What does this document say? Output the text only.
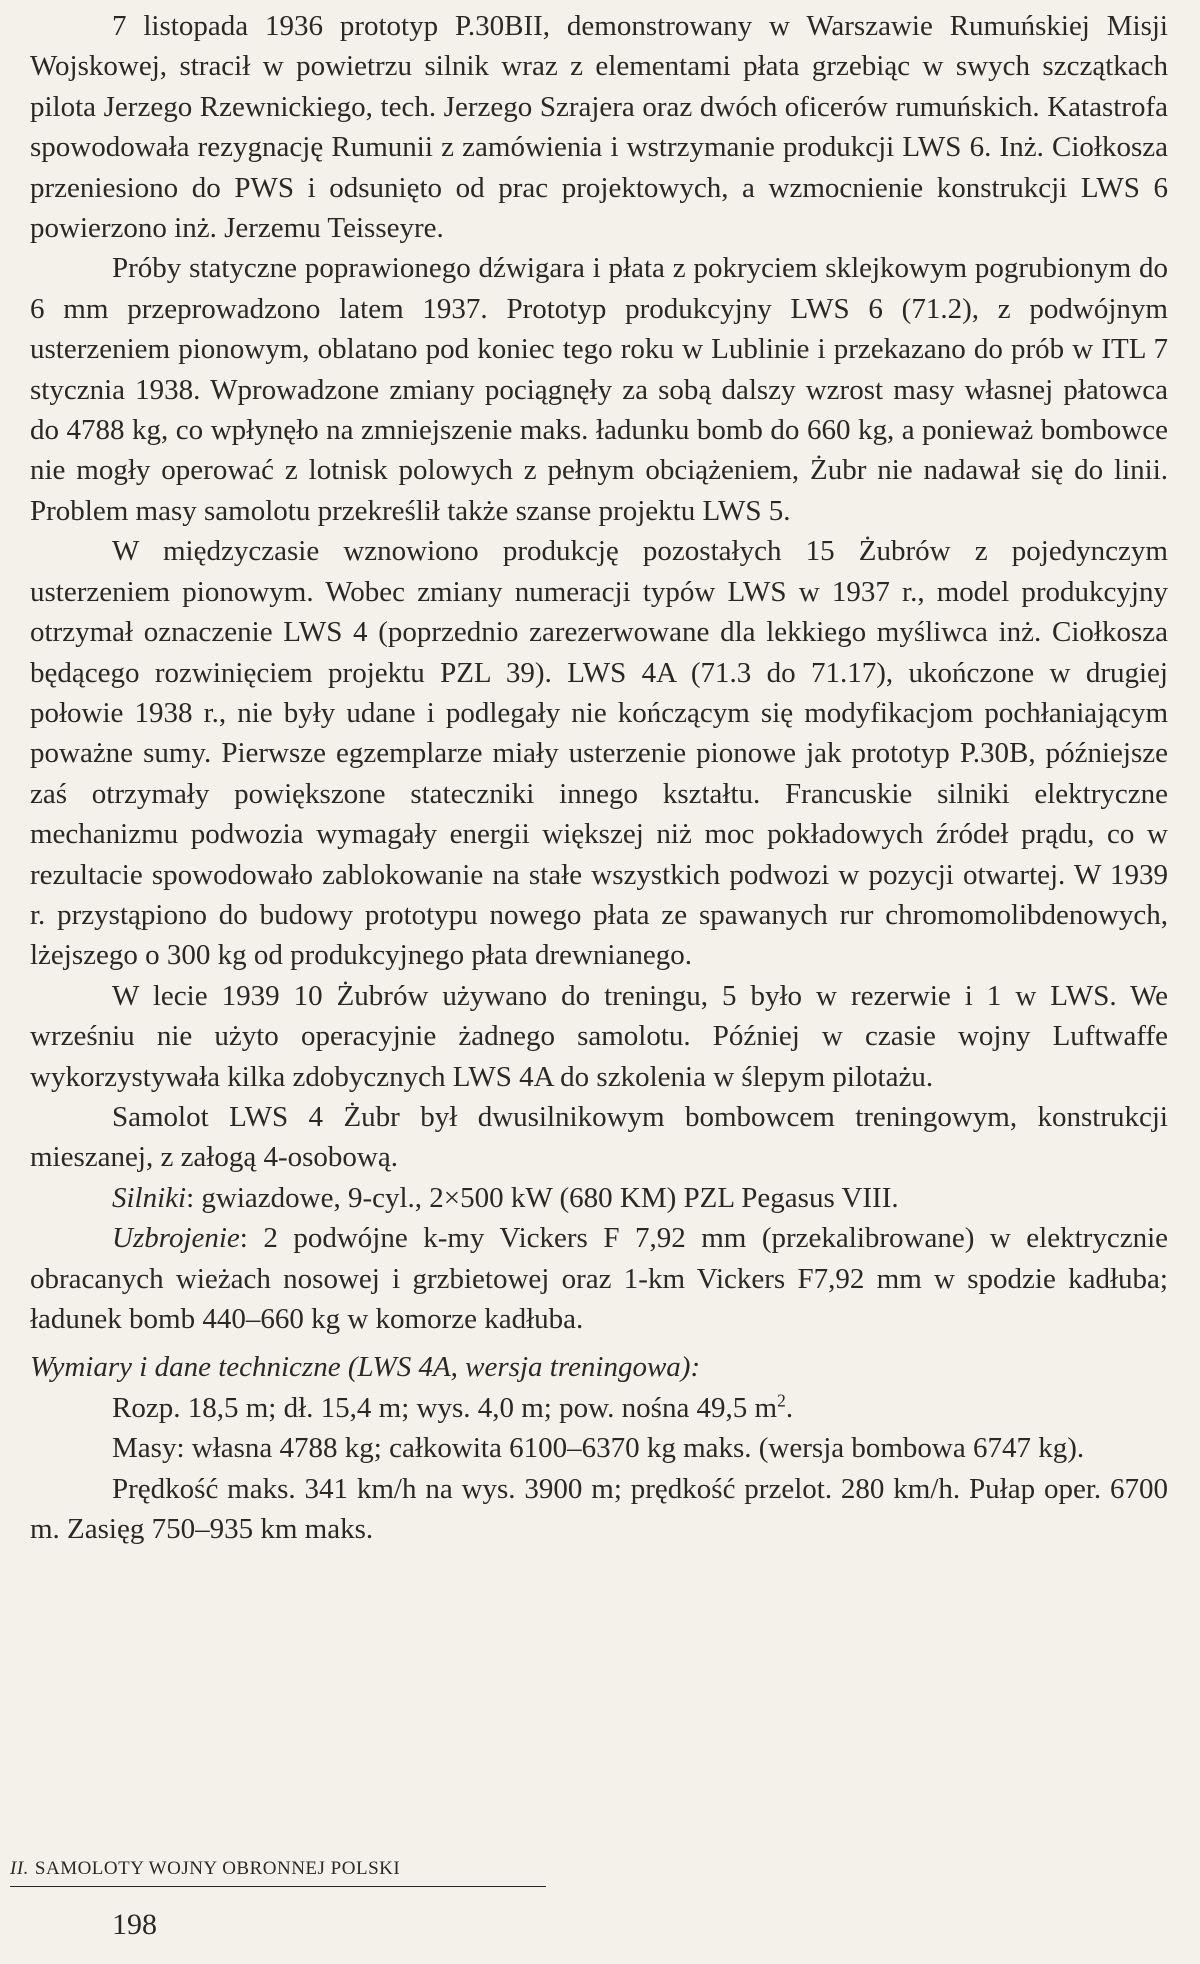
7 listopada 1936 prototyp P.30BII, demonstrowany w Warszawie Rumuńskiej Misji Wojskowej, stracił w powietrzu silnik wraz z elementami płata grzebiąc w swych szczątkach pilota Jerzego Rzewnickiego, tech. Jerzego Szrajera oraz dwóch oficerów rumuńskich. Katastrofa spowodowała rezygnację Rumunii z zamówienia i wstrzymanie produkcji LWS 6. Inż. Ciołkosza przeniesiono do PWS i odsunięto od prac projektowych, a wzmocnienie konstrukcji LWS 6 powierzono inż. Jerzemu Teisseyre.

Próby statyczne poprawionego dźwigara i płata z pokryciem sklejkowym pogrubionym do 6 mm przeprowadzono latem 1937. Prototyp produkcyjny LWS 6 (71.2), z podwójnym usterzeniem pionowym, oblatano pod koniec tego roku w Lublinie i przekazano do prób w ITL 7 stycznia 1938. Wprowadzone zmiany pociągnęły za sobą dalszy wzrost masy własnej płatowca do 4788 kg, co wpłynęło na zmniejszenie maks. ładunku bomb do 660 kg, a ponieważ bombowce nie mogły operować z lotnisk polowych z pełnym obciążeniem, Żubr nie nadawał się do linii. Problem masy samolotu przekreślił także szanse projektu LWS 5.

W międzyczasie wznowiono produkcję pozostałych 15 Żubrów z pojedynczym usterzeniem pionowym. Wobec zmiany numeracji typów LWS w 1937 r., model produkcyjny otrzymał oznaczenie LWS 4 (poprzednio zarezerwowane dla lekkiego myśliwca inż. Ciołkosza będącego rozwinięciem projektu PZL 39). LWS 4A (71.3 do 71.17), ukończone w drugiej połowie 1938 r., nie były udane i podlegały nie kończącym się modyfikacjom pochłaniającym poważne sumy. Pierwsze egzemplarze miały usterzenie pionowe jak prototyp P.30B, późniejsze zaś otrzymały powiększone stateczniki innego kształtu. Francuskie silniki elektryczne mechanizmu podwozia wymagały energii większej niż moc pokładowych źródeł prądu, co w rezultacie spowodowało zablokowanie na stałe wszystkich podwozi w pozycji otwartej. W 1939 r. przystąpiono do budowy prototypu nowego płata ze spawanych rur chromomolibdenowych, lżejszego o 300 kg od produkcyjnego płata drewnianego.

W lecie 1939 10 Żubrów używano do treningu, 5 było w rezerwie i 1 w LWS. We wrześniu nie użyto operacyjnie żadnego samolotu. Później w czasie wojny Luftwaffe wykorzystywała kilka zdobycznych LWS 4A do szkolenia w ślepym pilotażu.

Samolot LWS 4 Żubr był dwusilnikowym bombowcem treningowym, konstrukcji mieszanej, z załogą 4-osobową.

Silniki: gwiazdowe, 9-cyl., 2×500 kW (680 KM) PZL Pegasus VIII.

Uzbrojenie: 2 podwójne k-my Vickers F 7,92 mm (przekalibrowane) w elektrycznie obracanych wieżach nosowej i grzbietowej oraz 1-km Vickers F7,92 mm w spodzie kadłuba; ładunek bomb 440–660 kg w komorze kadłuba.

Wymiary i dane techniczne (LWS 4A, wersja treningowa):

Rozp. 18,5 m; dł. 15,4 m; wys. 4,0 m; pow. nośna 49,5 $m^2$.

Masy: własna 4788 kg; całkowita 6100–6370 kg maks. (wersja bombowa 6747 kg).

Prędkość maks. 341 km/h na wys. 3900 m; prędkość przelot. 280 km/h. Pułap oper. 6700 m. Zasięg 750–935 km maks.

II. SAMOLOTY WOJNY OBRONNEJ POLSKI
198
